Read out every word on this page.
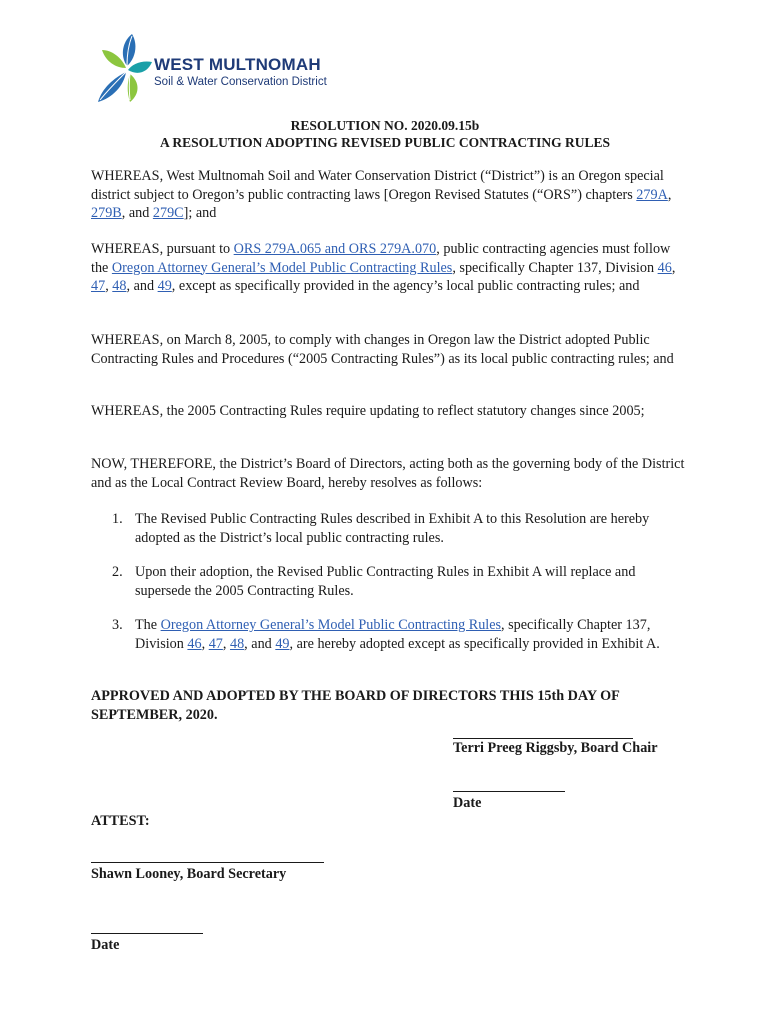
WEST MULTNOMAH
Soil & Water Conservation District
RESOLUTION NO. 2020.09.15b
A RESOLUTION ADOPTING REVISED PUBLIC CONTRACTING RULES

WHEREAS, West Multnomah Soil and Water Conservation District (“District”) is an Oregon special district subject to Oregon’s public contracting laws [Oregon Revised Statutes (“ORS”) chapters 279A, 279B, and 279C]; and

WHEREAS, pursuant to ORS 279A.065 and ORS 279A.070, public contracting agencies must follow the Oregon Attorney General’s Model Public Contracting Rules, specifically Chapter 137, Division 46, 47, 48, and 49, except as specifically provided in the agency’s local public contracting rules; and

WHEREAS, on March 8, 2005, to comply with changes in Oregon law the District adopted Public Contracting Rules and Procedures (“2005 Contracting Rules”) as its local public contracting rules; and

WHEREAS, the 2005 Contracting Rules require updating to reflect statutory changes since 2005;

NOW, THEREFORE, the District’s Board of Directors, acting both as the governing body of the District and as the Local Contract Review Board, hereby resolves as follows:

1. The Revised Public Contracting Rules described in Exhibit A to this Resolution are hereby adopted as the District’s local public contracting rules.
2. Upon their adoption, the Revised Public Contracting Rules in Exhibit A will replace and supersede the 2005 Contracting Rules.
3. The Oregon Attorney General’s Model Public Contracting Rules, specifically Chapter 137, Division 46, 47, 48, and 49, are hereby adopted except as specifically provided in Exhibit A.

APPROVED AND ADOPTED BY THE BOARD OF DIRECTORS THIS 15th DAY OF SEPTEMBER, 2020.

Terri Preeg Riggsby, Board Chair
Date
ATTEST:
Shawn Looney, Board Secretary
Date
